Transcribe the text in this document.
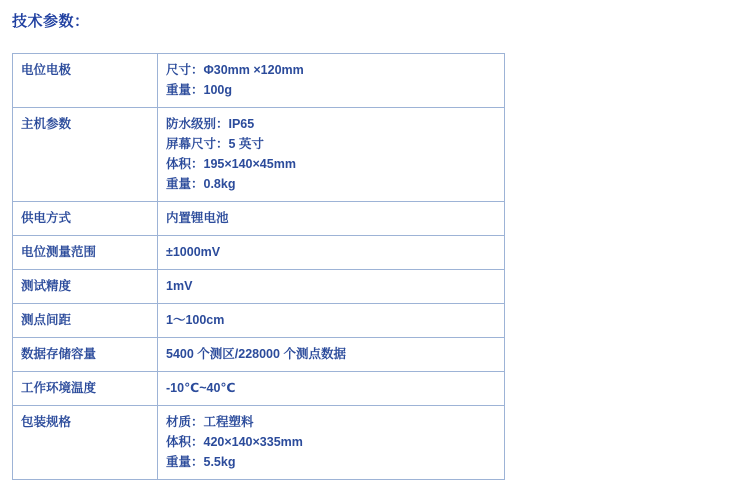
技术参数：
电位电极	尺寸：Φ30mm ×120mm
重量：100g

主机参数	防水级别：IP65
屏幕尺寸：5 英寸
体积：195×140×45mm
重量：0.8kg

供电方式	内置锂电池

电位测量范围	±1000mV

测试精度	1mV

测点间距	1～100cm

数据存储容量	5400 个测区/228000 个测点数据

工作环境温度	-10℃~40℃

包装规格	材质：工程塑料
体积：420×140×335mm
重量：5.5kg
